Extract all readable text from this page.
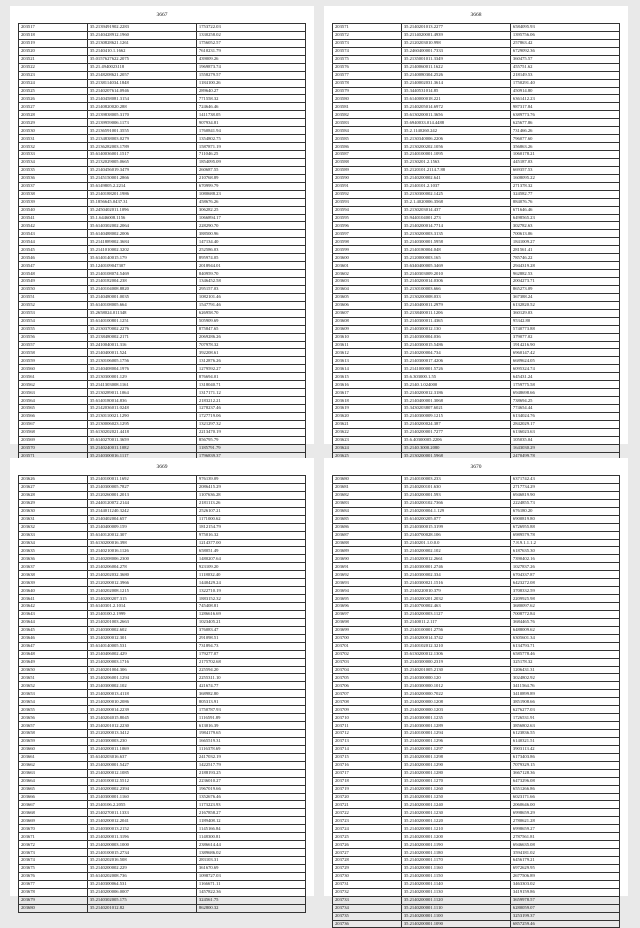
3667
203517	35.2139491902.2283	1753722.03
203518	35.2140428912.1960	1330258.02
203519	35.2130828621.1261	1756052.57
203520	35.2140410.1.1662	7610231.79
203521	35.0157627622.2075	439009.26
203522	35.21.4940023118	1969873.74
203523	35.2148208621.2057	1558279.57
203524	35.2138114034.1848	1184100.26
203525	35.2140207614.0946	289640.27
203526	35.2140458081.3154	771558.32
203527	35.2140820020.288	724646.46
203528	35.2139838005.3170	1411738.05
203529	35.2139959006.1173	907934.81
203530	35.2136591001.3555	1760841.94
203531	35.2134838003.0279	1354802.75
203532	35.2136282003.1789	1587871.19
203533	35.6140036001.1517	711046.25
203534	35.2132029005.0665	1854095.09
203535	35.2140456019.3479	260687.55
203536	35.2145150001.2866	210768.89
203537	35.6149805.2.2214	670999.79
203538	35.2140188201.1986	1080688.23
203539	35.1856645.0437.31	458676.26
203540	35.2450402011.1096	306282.25
203541	35.1.6446008.1156	1066894.17
203542	35.6140302002.2064	228290.70
203543	35.6140488002.2006	388500.96
203544	35.2141889002.3684	147134.40
203545	35.2141010002.3202	252586.03
203546	35.6140140015.179	895974.05
203547	35.1240109047307	2018944.01
203548	35.2140108074.5469	840959.70
203549	35.2140182004.238	1346452.58
203550	35.2140104008.8820	295157.03
203551	35.2140480001.0035	1082101.46
203552	35.6140108005.664	1547791.46
203553	35.2658024.011348	626958.70
203554	35.6140100801.1251	505909.69
203555	35.2130370002.2276	875847.65
203556	35.2138480002.2171	2069286.26
203557	35.2410040011.316	707978.32
203558	35.2140400011.524	392208.61
203559	35.2130106005.1756	1312876.26
203560	35.2140408004.1976	1279592.27
203561	35.2130300001.129	876694.01
203562	35.2141303008.1161	1318040.71
203563	35.2130289011.1064	1317171.12
203564	35.6140180014.836	2183212.21
203565	35.2142036011.0248	1278237.46
203566	35.2130110021.1290	1727719.06
203567	35.2130006023.1295	1321297.32
203568	35.6130202021.4418	2213470.19
203569	35.6140270011.3659	856795.79
203570	35.2140240011.1082	1185791.79
203571	35.2140300016.1117	1796839.37
3668
203571	35.2140201013.2277	6584095.93
203572	35.2114020001.4939	1395756.06
203573	35.2120203010.998	257863.42
203574	35.2460400001.7333	6729092.36
203575	35.2135001011.3349	360475.57
203576	35.2140060011.1622	455751.62
203577	35.2140080304.2526	218149.53
203578	35.2140002031.3614	1750291.40
203579	35.3440531014.85	450914.80
203580	35.6140000018.221	6361412.23
203581	35.2140205014.6972	987317.84
203582	35.6130200011.3656	6389773.76
203583	35.6940033.014.4488	625677.86
203584	35.2.1140260.242	731466.26
203585	35.2130340006.2206	796077.60
203586	35.2130200202.1056	356863.26
203587	35.2140100001.1095	1060178.21
203588	35.2130201.2.1563	445187.03
203589	35.2120101.2114.7.88	669357.53
203590	35.2140200002.641	1608095.22
203591	35.2140101.2.1037	271378.32
203592	35.2130300002.1425	324582.77
203593	35.2.1.4020006.3568	884076.76
203594	35.2130203014.437	671646.46
203595	35.9440104001.273	6498565.23
203596	35.2140200014.7714	302782.63
203597	35.2130200003.3135	700613.06
203598	35.2140300001.5958	1841009.27
203599	35.2140180004.048	281561.41
203600	35.2120000003.165	785746.22
203601	35.6340400005.3469	2944319.28
203602	35.2140303009.2010	962882.53
203603	35.2140200014.0306	2004273.71
203604	35.2130100003.666	865273.09
203605	35.2130200008.033	367388.24
203606	35.2140400011.2979	6132820.52
203607	35.2138400011.1206	360129.03
203608	35.2140300011.4365	95342.80
203609	35.2140300012.130	5740773.88
203610	35.2140300004.036	379077.02
203611	35.2140300015.5486	1914216.90
203612	35.2140200004.734	6960147.42
203613	35.2140300017.4206	6689624.05
203614	35.2141000001.5726	6095324.74
203615	35.6.303000.1.55	645431.24
203616	35.2140.1.024000	1759775.58
203617	35.2140200012.3186	6948698.66
203618	35.2140400001.3068	738694.25
203619	35.3430203807.6021	774654.44
203620	35.2140300009.1215	6134024.76
203621	35.2140200024.387	2842029.17
203622	35.2140200001.7277	6136023.63
203623	35.6.40300005.2206	105035.04
203624	35.2140.3000.2080	1643030.29
203625	35.2130200001.5968	2470499.78

3669
203626	35.2140100011.1692	976139.09
203627	35.2140300005.7827	2086415.29
203628	35.2120260001.2013	1107636.28
203629	35.2440120072.2144	2181113.26
203630	35.2144011240.3242	2526107.21
203631	35.2140402004.657	1171000.62
203632	35.2140400009.159	1812154.79
203633	35.6140120012.307	975016.32
203634	35.6130200016.398	1214377.00
203635	35.2140210016.1126	658051.49
203636	35.2140208006.2300	1480207.64
203637	35.2140206004.278	923109.20
203638	35.2140202032.3680	1118032.40
203639	35.2120200012.3966	1440429.24
203640	35.2140202008.1215	1322710.19
203641	35.2140200207.315	1883152.32
203642	35.6140301.2.1014	745408.81
203643	35.2140100.2.1999	1286616.69
203644	35.2140201003.2663	1023405.21
203645	35.2140300002.602	376083.47
203646	35.2140200012.301	291098.51
203647	35.6140140005.531	731894.73
203648	35.2140406002.429	179277.07
203649	35.2140200003.1716	2175702.68
203650	35.2140201004.306	225594.20
203651	35.2140206001.1294	2255311.10
203652	35.2140300002.102	421674.77
203653	35.2140200013.4118	368982.80
203654	35.2140200010.2086	805313.91
203655	35.2140200014.2239	1750787.93
203656	35.2140204015.8045	1116591.89
203657	35.2140201012.2230	613016.39
203658	35.2120200013.3412	1984179.65
203659	35.2140300003.230	1665519.31
203660	35.2140200011.1069	1116378.69
203661	35.6140203016.637	2417032.19
203662	35.2140200001.5427	1422517.79
203663	35.2140200012.1085	2188193.25
203664	35.2140100012.5512	2236010.27
203665	35.2140200002.2394	1967019.66
203666	35.2140300001.1160	1352676.46
203667	35.2140106.2.2055	1173223.93
203668	35.2140270011.1333	2167858.27
203669	35.2140200012.2041	1189408.12
203670	35.2140300013.2152	1145166.84
203671	35.2140200011.3196	1148300.81
203672	35.2140200003.1000	2386614.44
203673	35.2140100015.2734	1389686.02
203674	35.2140202016.508	283103.31
203675	35.2140200002.229	361670.69
203676	35.6140202008.736	1098727.03
203677	35.2140300064.531	1166671.11
203678	35.2140200006.0007	1457822.36
203679	35.2140302005.175	324561.75
203680	35.2140201012.82	862800.32
3670
203680	35.2140100003.233	6371742.43
203681	35.2140200101.630	2717734.29
203682	35.2140200001.593	6946819.90
203683	35.2140200102.7366	2224855.73
203684	35.2140200004.1.129	676180.20
203685	35.6140200205.077	6900819.80
203686	35.2140300015.3199	6726955.88
203687	35.2140700028.106	6989579.78
203688	35.2140201.1.0.0.0	7.8.9.1.1.1.2
203689	35.2140200002.102	6187635.30
203690	35.2140200012.2661	7390402.16
203691	35.2140300001.2746	1027837.26
203692	35.2140300002.334	6704337.87
203693	35.2140300021.1516	6423272.08
203694	35.2140220010.379	3708332.59
203695	35.2140200201.2032	2209925.98
203696	35.2140700002.463	3680097.62
203697	35.2140200003.1127	7008772.84
203698	35.2140011.2.117	3684465.76
203699	35.2140100001.2756	6488009.62
203700	35.2140200014.3742	6305601.34
203701	35.2140102012.3210	6134793.71
203702	35.6130200012.1306	6585778.46
203703	35.2140300000.2319	325178.32
203704	35.2140201005.2130	1206431.31
203705	35.2140300000.120	3024802.92
203706	35.2140300000.1012	3411564.76
203707	35.2140200000.7022	3410899.89
203708	35.2140200000.1208	3851908.66
203709	35.2140200000.1203	6276277.03
203710	35.2140300001.1235	1726531.91
203711	35.2140300001.1289	3856802.63
203712	35.2140100001.1294	6123836.55
203713	35.2140200001.1296	6140321.51
203714	35.2140200001.1297	3903113.42
203715	35.2140200001.1298	6173403.86
203716	35.2140200001.1290	7079329.15
203717	35.2140200001.1280	3667128.36
203718	35.2140200001.1270	6473296.08
203719	35.2140200001.1260	6551266.86
203720	35.2140200001.1250	6023171.66
203721	35.2140200001.1240	2060646.00
203722	35.2140200001.1230	6998659.29
203723	35.2140200001.1220	2780621.28
203724	35.2140200001.1210	6998659.27
203725	35.2140200001.1200	2787561.81
203726	35.2140200001.1190	6946635.08
203727	35.2140200001.1180	3594181.02
203728	35.2140200001.1170	6456179.21
203729	35.2140200001.1160	6972629.95
203730	35.2140200001.1150	2677506.89
203731	35.2140200001.1140	3463303.02
203732	35.2140200001.1130	3419159.86
203733	35.2140200001.1120	3659978.57
203734	35.2140200001.1110	6280059.07
203735	35.2140200001.1100	3253199.37
203736	35.2140200001.1090	6857259.46
